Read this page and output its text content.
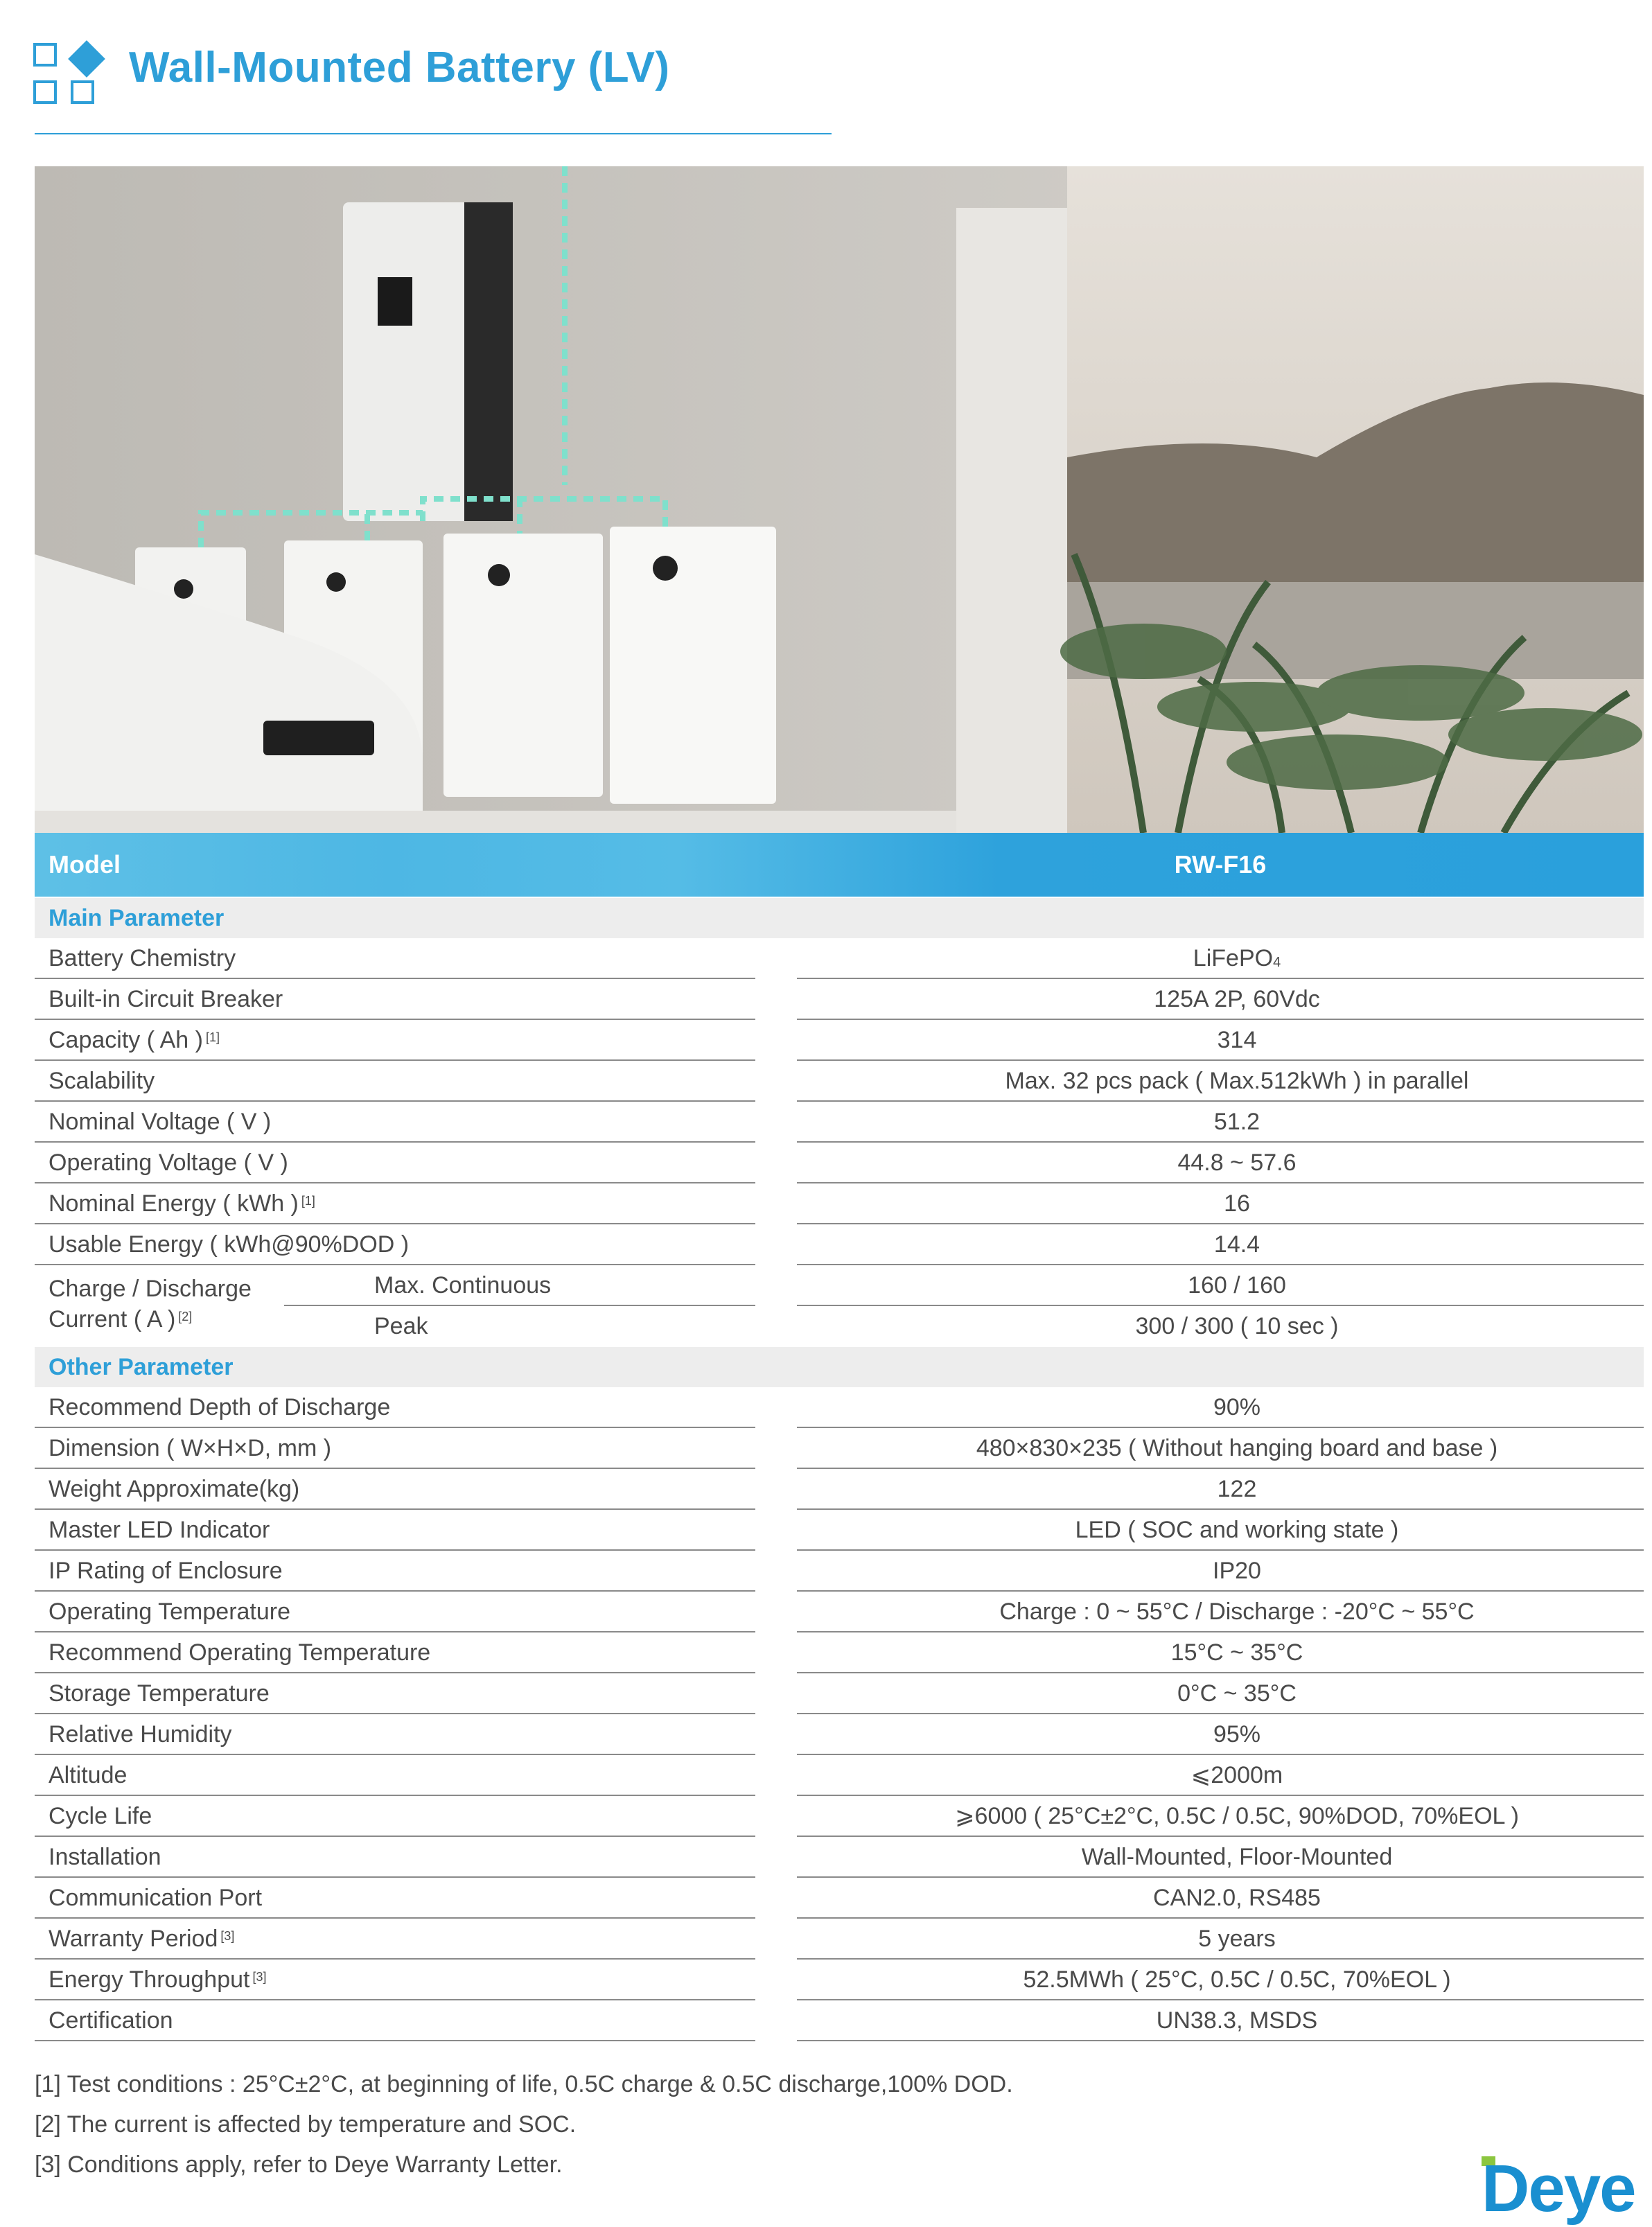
Wall-Mounted Battery (LV)
Model	RW-F16
Main Parameter
Battery Chemistry	LiFePO$_4$
Built-in Circuit Breaker	125A 2P, 60Vdc
Capacity ( Ah ) [1]	314
Scalability	Max. 32 pcs pack ( Max.512kWh ) in parallel
Nominal Voltage ( V )	51.2
Operating Voltage ( V )	44.8 ~ 57.6
Nominal Energy ( kWh ) [1]	16
Usable Energy ( kWh@90%DOD )	14.4
Charge / Discharge
Current ( A ) [2]
Max. Continuous	160 / 160
Peak	300 / 300 ( 10 sec )
Other Parameter
Recommend Depth of Discharge	90%
Dimension ( W×H×D, mm )	480×830×235 ( Without hanging board and base )
Weight Approximate(kg)	122
Master LED Indicator	LED ( SOC and working state )
IP Rating of Enclosure	IP20
Operating Temperature	Charge : 0 ~ 55°C / Discharge : -20°C ~ 55°C
Recommend Operating Temperature	15°C ~ 35°C
Storage Temperature	0°C ~ 35°C
Relative Humidity	95%
Altitude	⩽2000m
Cycle Life	⩾6000 ( 25°C±2°C, 0.5C / 0.5C, 90%DOD, 70%EOL )
Installation	Wall-Mounted, Floor-Mounted
Communication Port	CAN2.0, RS485
Warranty Period [3]	5 years
Energy Throughput [3]	52.5MWh ( 25°C, 0.5C / 0.5C, 70%EOL )
Certification	UN38.3, MSDS
[1] Test conditions : 25°C±2°C, at beginning of life, 0.5C charge & 0.5C discharge,100% DOD.
[2] The current is affected by temperature and SOC.
[3] Conditions apply, refer to Deye Warranty Letter.	Deye
